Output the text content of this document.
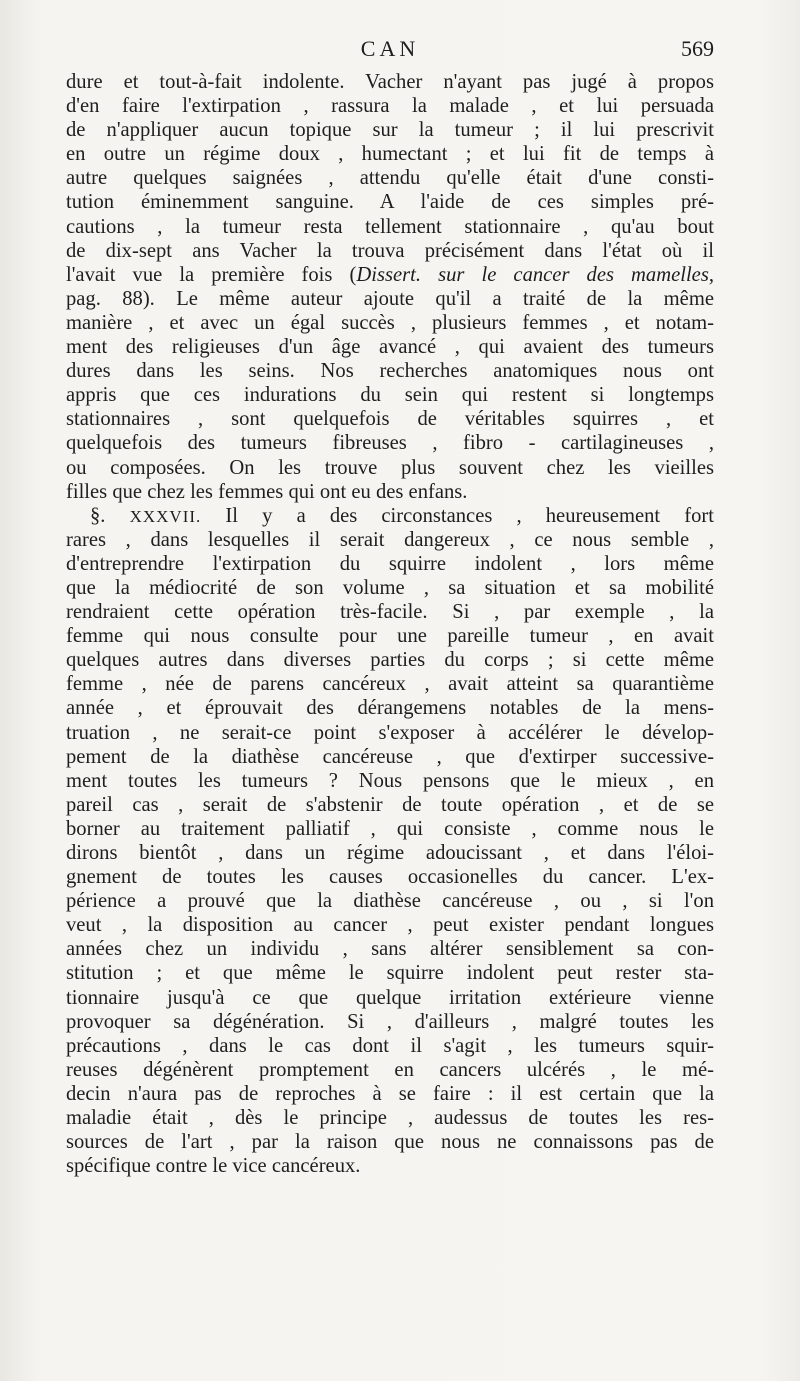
CAN	569
dure et tout-à-fait indolente. Vacher n'ayant pas jugé à propos
d'en faire l'extirpation , rassura la malade , et lui persuada
de n'appliquer aucun topique sur la tumeur ; il lui prescrivit
en outre un régime doux , humectant ; et lui fit de temps à
autre quelques saignées , attendu qu'elle était d'une consti-
tution éminemment sanguine. A l'aide de ces simples pré-
cautions , la tumeur resta tellement stationnaire , qu'au bout
de dix-sept ans Vacher la trouva précisément dans l'état où il
l'avait vue la première fois (Dissert. sur le cancer des mamelles,
pag. 88). Le même auteur ajoute qu'il a traité de la même
manière , et avec un égal succès , plusieurs femmes , et notam-
ment des religieuses d'un âge avancé , qui avaient des tumeurs
dures dans les seins. Nos recherches anatomiques nous ont
appris que ces indurations du sein qui restent si longtemps
stationnaires , sont quelquefois de véritables squirres , et
quelquefois des tumeurs fibreuses , fibro - cartilagineuses ,
ou composées. On les trouve plus souvent chez les vieilles
filles que chez les femmes qui ont eu des enfans.
§. XXXVII. Il y a des circonstances , heureusement fort
rares , dans lesquelles il serait dangereux , ce nous semble ,
d'entreprendre l'extirpation du squirre indolent , lors même
que la médiocrité de son volume , sa situation et sa mobilité
rendraient cette opération très-facile. Si , par exemple , la
femme qui nous consulte pour une pareille tumeur , en avait
quelques autres dans diverses parties du corps ; si cette même
femme , née de parens cancéreux , avait atteint sa quarantième
année , et éprouvait des dérangemens notables de la mens-
truation , ne serait-ce point s'exposer à accélérer le dévelop-
pement de la diathèse cancéreuse , que d'extirper successive-
ment toutes les tumeurs ? Nous pensons que le mieux , en
pareil cas , serait de s'abstenir de toute opération , et de se
borner au traitement palliatif , qui consiste , comme nous le
dirons bientôt , dans un régime adoucissant , et dans l'éloi-
gnement de toutes les causes occasionelles du cancer. L'ex-
périence a prouvé que la diathèse cancéreuse , ou , si l'on
veut , la disposition au cancer , peut exister pendant longues
années chez un individu , sans altérer sensiblement sa con-
stitution ; et que même le squirre indolent peut rester sta-
tionnaire jusqu'à ce que quelque irritation extérieure vienne
provoquer sa dégénération. Si , d'ailleurs , malgré toutes les
précautions , dans le cas dont il s'agit , les tumeurs squir-
reuses dégénèrent promptement en cancers ulcérés , le mé-
decin n'aura pas de reproches à se faire : il est certain que la
maladie était , dès le principe , audessus de toutes les res-
sources de l'art , par la raison que nous ne connaissons pas de
spécifique contre le vice cancéreux.
